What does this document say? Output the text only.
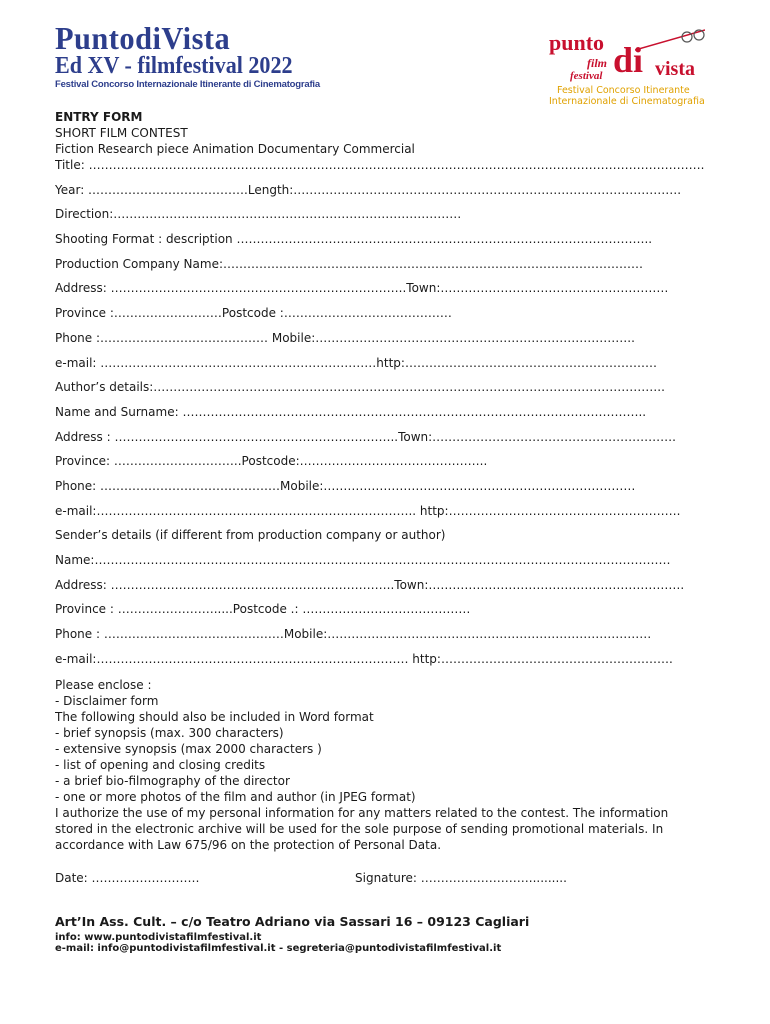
PuntodiVista
Ed XV - filmfestival 2022
Festival Concorso Internazionale Itinerante di Cinematografia
punto
film
festival di vista
Festival Concorso Itinerante
Internazionale di Cinematografia
ENTRY FORM
SHORT FILM CONTEST
Fiction Research piece Animation Documentary Commercial
Title: ……………………………………………………………………………………………………………………………………….
Year: ………………………………….Length:…………………………………………………………………………………….
Direction:……………………………………………………………………………
Shooting Format : description …………………………………………………………………………………………..
Production Company Name:……………………………………………………………………………………………
Address: ………………………………………………………………..Town:…………………………………………………
Province :………………………Postcode :……………………………………
Phone :…………………………………… Mobile:……………………………………………………………………..
e-mail: ……………………………………………………………http:………………………………………………………
Author’s details:………………………………………………………………………………………………………………..
Name and Surname: ……………………………………………………………………………………………………..
Address : ……………………………………………………………..Town:…………………………………………………….
Province: …………………………..Postcode:………………………………………..
Phone: ………………………………………Mobile:……………………………………………………………………
e-mail:…………………………………………………………………….. http:………………………………………………….
Sender’s details (if different from production company or author)
Name:………………………………………………………………………………………………………………………………
Address: ……………………………………………………………..Town:……………………………………………………….
Province : …………………….....Postcode .: ……………………………………
Phone : ………………………………………Mobile:………………………………………………………………………
e-mail:…………………………………………………………………… http:………………………………………………….
Please enclose :
- Disclaimer form
The following should also be included in Word format
- brief synopsis (max. 300 characters)
- extensive synopsis (max 2000 characters )
- list of opening and closing credits
- a brief bio-filmography of the director
- one or more photos of the film and author (in JPEG format)
I authorize the use of my personal information for any matters related to the contest. The information
stored in the electronic archive will be used for the sole purpose of sending promotional materials. In
accordance with Law 675/96 on the protection of Personal Data.
Date: ………………………	Signature: ………………………..........
Art’In Ass. Cult. – c/o Teatro Adriano via Sassari 16 – 09123 Cagliari
info: www.puntodivistafilmfestival.it
e-mail: info@puntodivistafilmfestival.it - segreteria@puntodivistafilmfestival.it
